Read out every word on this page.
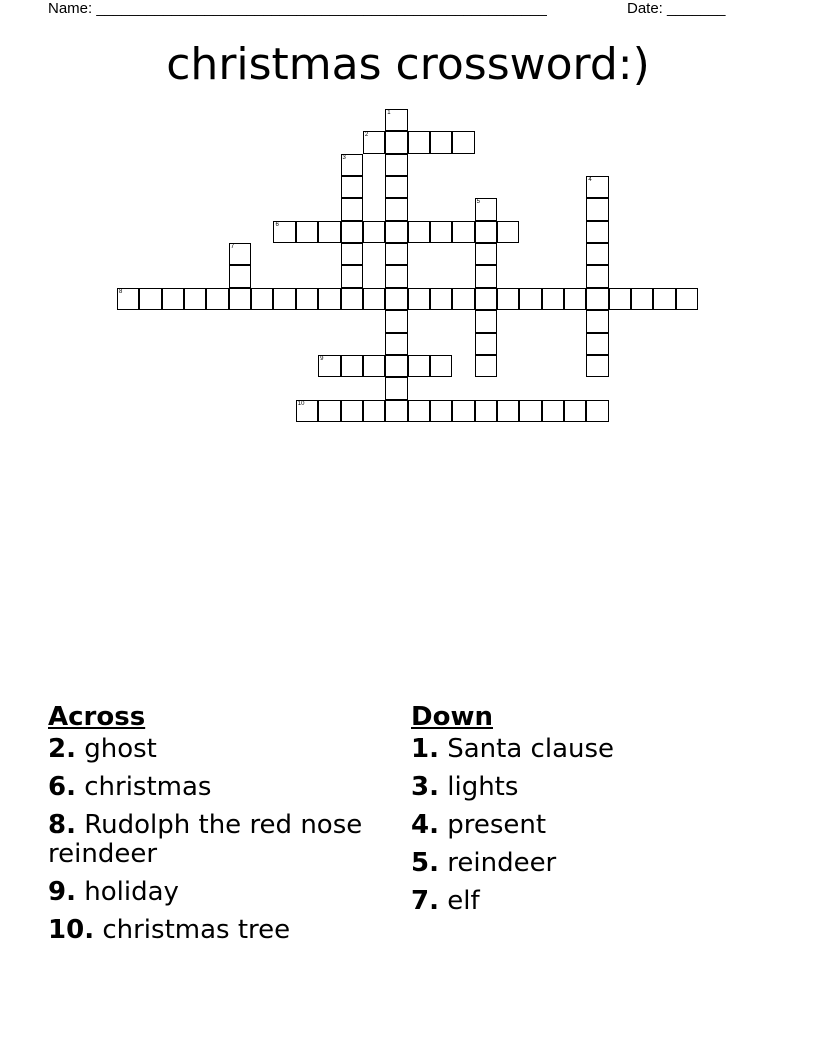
Name: ______________________________________________________	Date: _______
christmas crossword:)
1
2
3
4
5
6
7
8
9
10
Across
2. ghost
6. christmas
8. Rudolph the red nose reindeer
9. holiday
10. christmas tree
Down
1. Santa clause
3. lights
4. present
5. reindeer
7. elf
